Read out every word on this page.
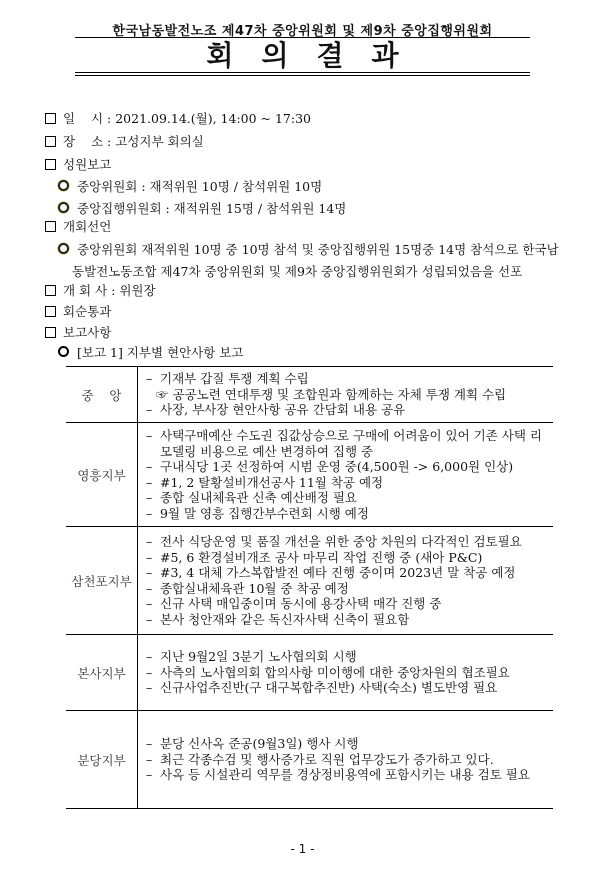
한국남동발전노조 제47차 중앙위원회 및 제9차 중앙집행위원회
회의결과
일    시 : 2021.09.14.(월), 14:00 ~ 17:30
장    소 : 고성지부 회의실
성원보고
중앙위원회 : 재적위원 10명 / 참석위원 10명
중앙집행위원회 : 재적위원 15명 / 참석위원 14명
개회선언
중앙위원회 재적위원 10명 중 10명 참석 및 중앙집행위원 15명중 14명 참석으로 한국남
동발전노동조합 제47차 중앙위원회 및 제9차 중앙집행위원회가 성립되었음을 선포
개 회 사 : 위원장
회순통과
보고사항
[보고 1] 지부별 현안사항 보고
중    앙	– 기재부 갑질 투쟁 계획 수립
☞ 공공노련 연대투쟁 및 조합원과 함께하는 자체 투쟁 계획 수립
– 사장, 부사장 현안사항 공유 간담회 내용 공유

영흥지부	
– 사택구매예산 수도권 집값상승으로 구매에 어려움이 있어 기존 사택 리
모델링 비용으로 예산 변경하여 집행 중
– 구내식당 1곳 선정하여 시범 운영 중(4,500원 -> 6,000원 인상)
– #1, 2 탈황설비개선공사 11월 착공 예정
– 종합 실내체육관 신축 예산배정 필요
– 9월 말 영흥 집행간부수련회 시행 예정

삼천포지부	
– 전사 식당운영 및 품질 개선을 위한 중앙 차원의 다각적인 검토필요
– #5, 6 환경설비개조 공사 마무리 작업 진행 중 (새아 P&C)
– #3, 4 대체 가스복합발전 예타 진행 중이며 2023년 말 착공 예정
– 종합실내체육관 10월 중 착공 예정
– 신규 사택 매입중이며 동시에 용강사택 매각 진행 중
– 본사 청안재와 같은 독신자사택 신축이 필요함

본사지부	– 지난 9월2일 3분기 노사협의회 시행
– 사측의 노사협의회 합의사항 미이행에 대한 중앙차원의 협조필요
– 신규사업추진반(구 대구복합추진반) 사택(숙소) 별도반영 필요

분당지부	– 분당 신사옥 준공(9월3일) 행사 시행
– 최근 각종수검 및 행사증가로 직원 업무강도가 증가하고 있다.
– 사옥 등 시설관리 역무를 경상정비용역에 포함시키는 내용 검토 필요
- 1 -
